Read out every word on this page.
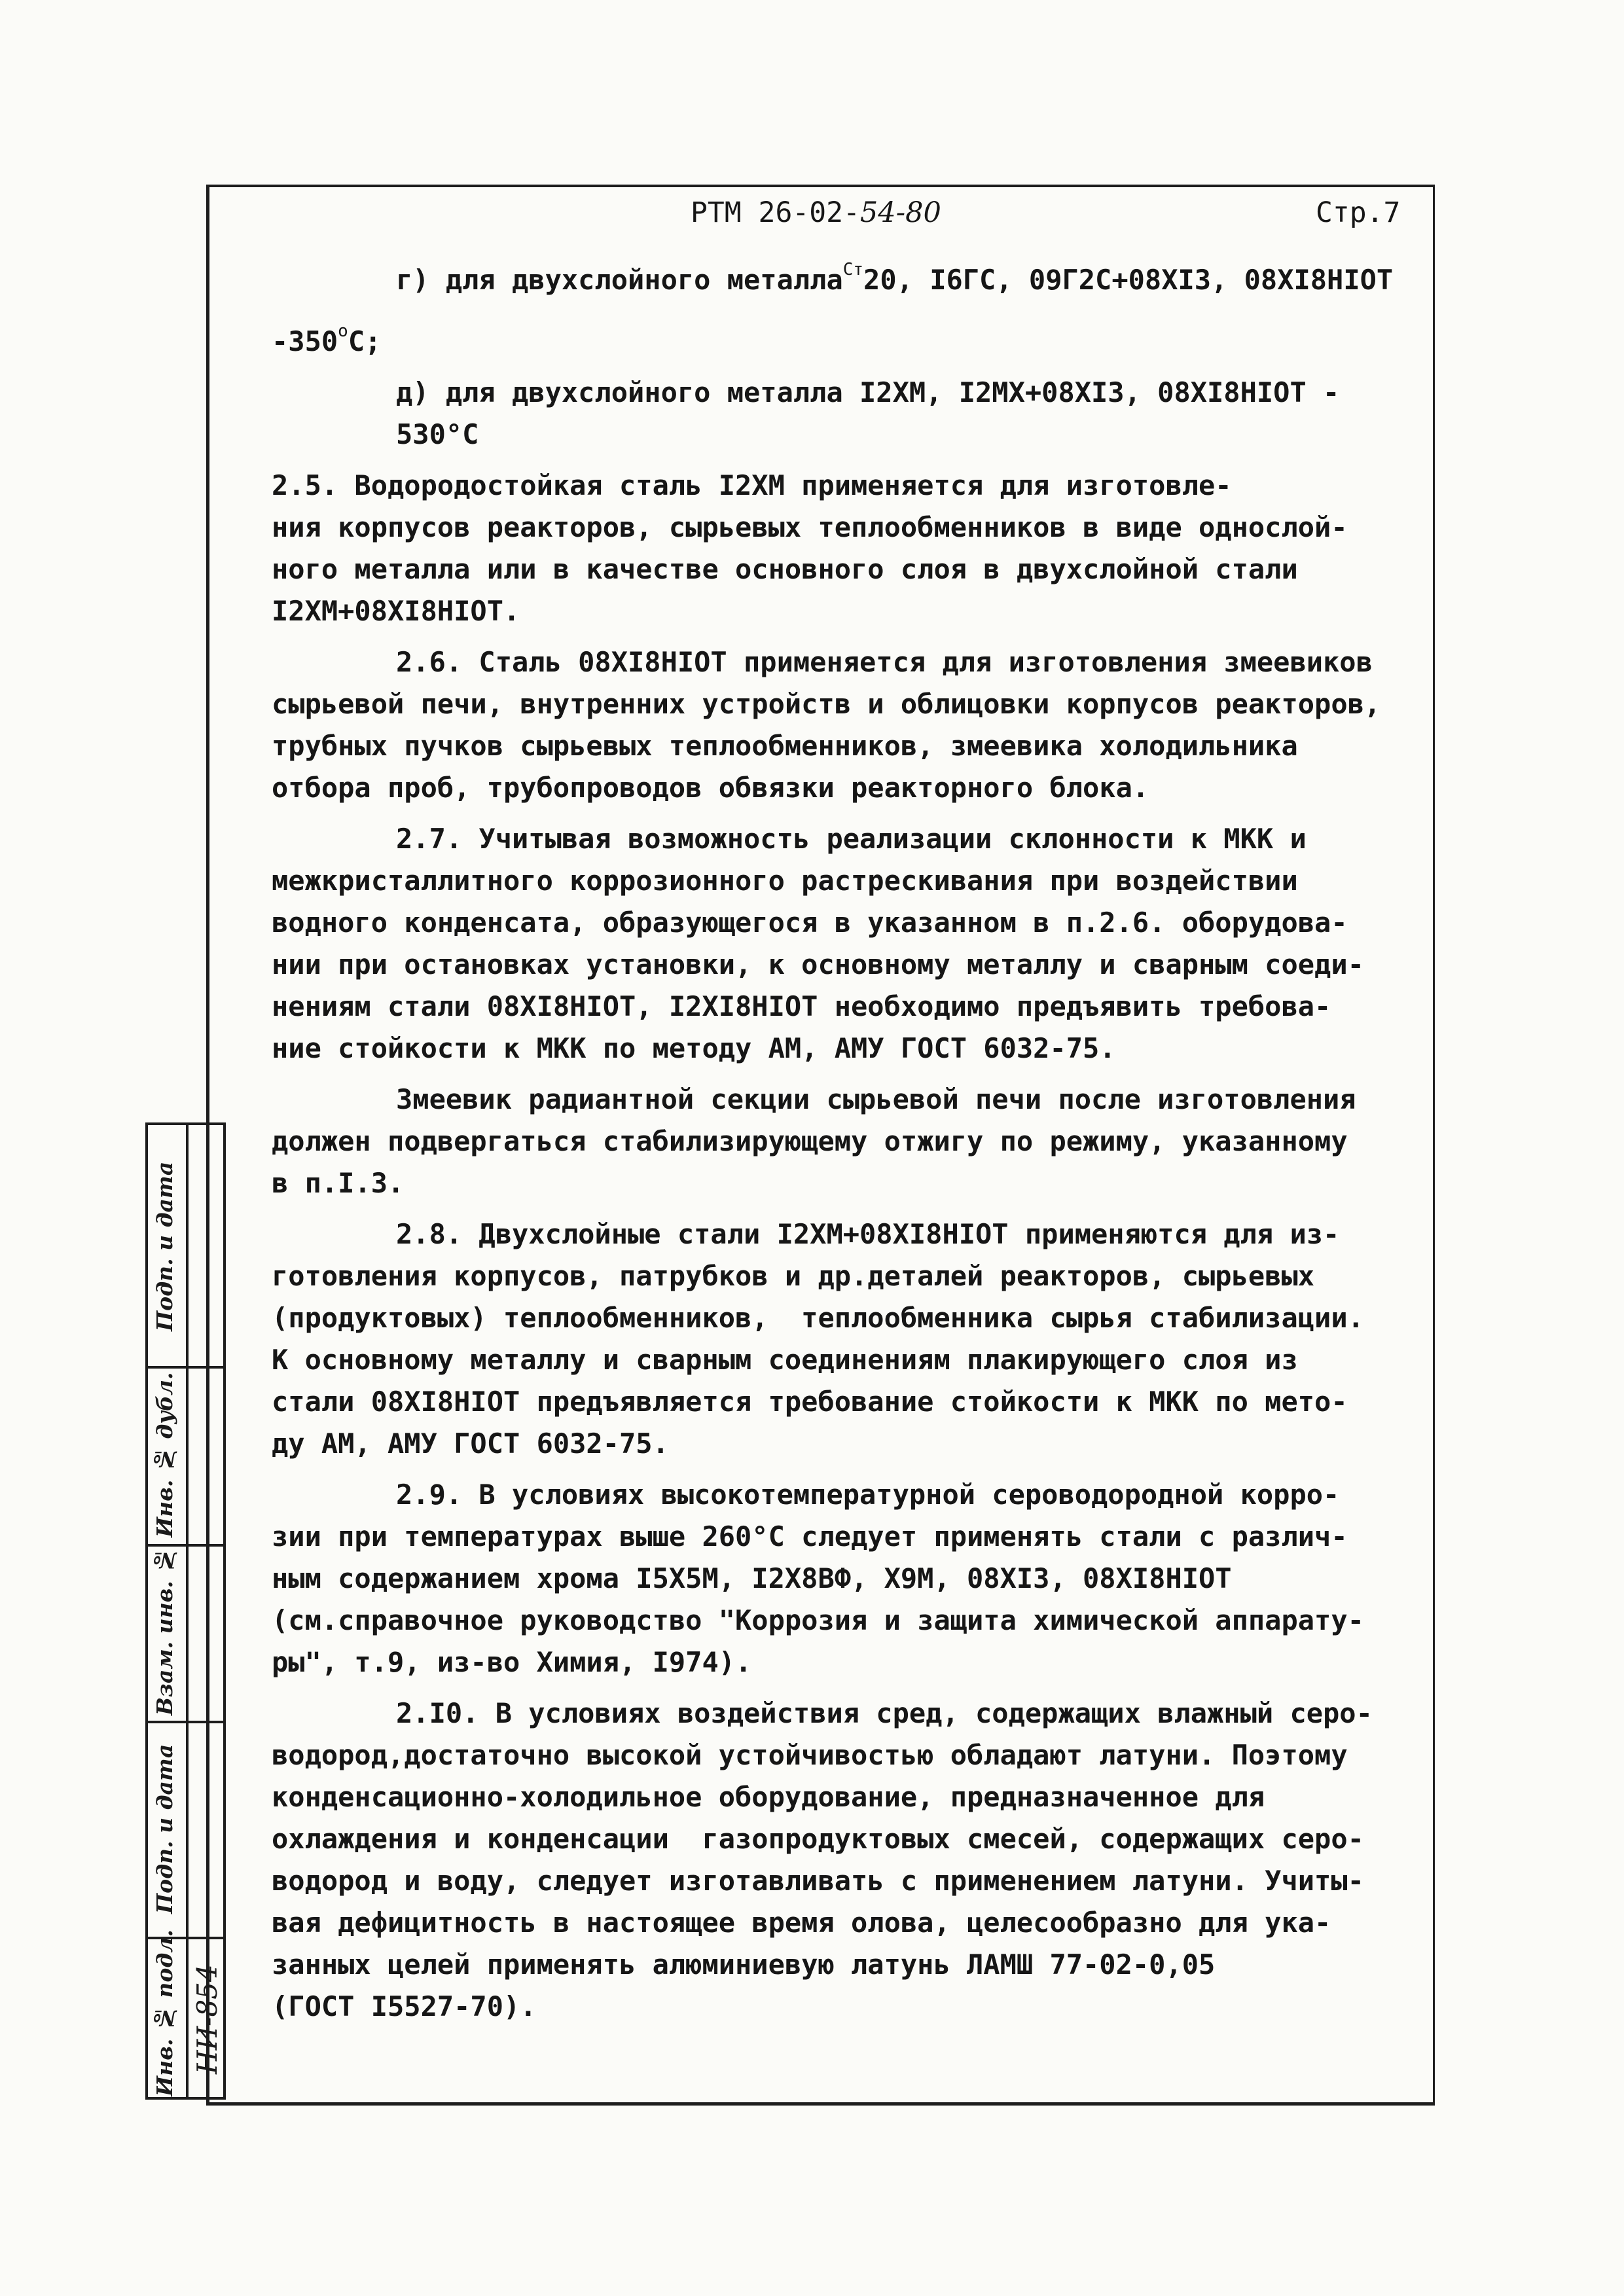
РТМ 26-02-54-80	Стр.7

г) для двухслойного металла$^{Ст}$20, I6ГС, 09Г2С+08XI3, 08XI8HIOT

$-350^оС$;

д) для двухслойного металла I2XM, I2MX+08XI3, 08XI8HIOT - 530°С

2.5. Водородостойкая сталь I2XM применяется для изготовле-
ния корпусов реакторов, сырьевых теплообменников в виде однослой-
ного металла или в качестве основного слоя в двухслойной стали
I2XM+08XI8HIOT.

2.6. Сталь 08XI8HIOT применяется для изготовления змеевиков
сырьевой печи, внутренних устройств и облицовки корпусов реакторов,
трубных пучков сырьевых теплообменников, змеевика холодильника
отбора проб, трубопроводов обвязки реакторного блока.

2.7. Учитывая возможность реализации склонности к МКК и
межкристаллитного коррозионного растрескивания при воздействии
водного конденсата, образующегося в указанном в п.2.6. оборудова-
нии при остановках установки, к основному металлу и сварным соеди-
нениям стали 08XI8HIOT, I2XI8HIOT необходимо предъявить требова-
ние стойкости к МКК по методу АМ, АМУ ГОСТ 6032-75.

Змеевик радиантной секции сырьевой печи после изготовления
должен подвергаться стабилизирующему отжигу по режиму, указанному
в п.I.3.

2.8. Двухслойные стали I2XM+08XI8HIOT применяются для из-
готовления корпусов, патрубков и др.деталей реакторов, сырьевых
(продуктовых) теплообменников,  теплообменника сырья стабилизации.
К основному металлу и сварным соединениям плакирующего слоя из
стали 08XI8HIOT предъявляется требование стойкости к МКК по мето-
ду АМ, АМУ ГОСТ 6032-75.

2.9. В условиях высокотемпературной сероводородной корро-
зии при температурах выше 260°С следует применять стали с различ-
ным содержанием хрома I5X5M, I2X8BФ, X9M, 08XI3, 08XI8HIOT
(см.справочное руководство "Коррозия и защита химической аппарату-
ры", т.9, из-во Химия, I974).

2.I0. В условиях воздействия сред, содержащих влажный серо-
водород,достаточно высокой устойчивостью обладают латуни. Поэтому
конденсационно-холодильное оборудование, предназначенное для
охлаждения и конденсации  газопродуктовых смесей, содержащих серо-
водород и воду, следует изготавливать с применением латуни. Учиты-
вая дефицитность в настоящее время олова, целесообразно для ука-
занных целей применять алюминиевую латунь ЛАМШ 77-02-0,05
(ГОСТ I5527-70).

Подп. и дата
Инв. № дубл.
Взам. инв. №
Подп. и дата
Инв. № подл. НИ-854
